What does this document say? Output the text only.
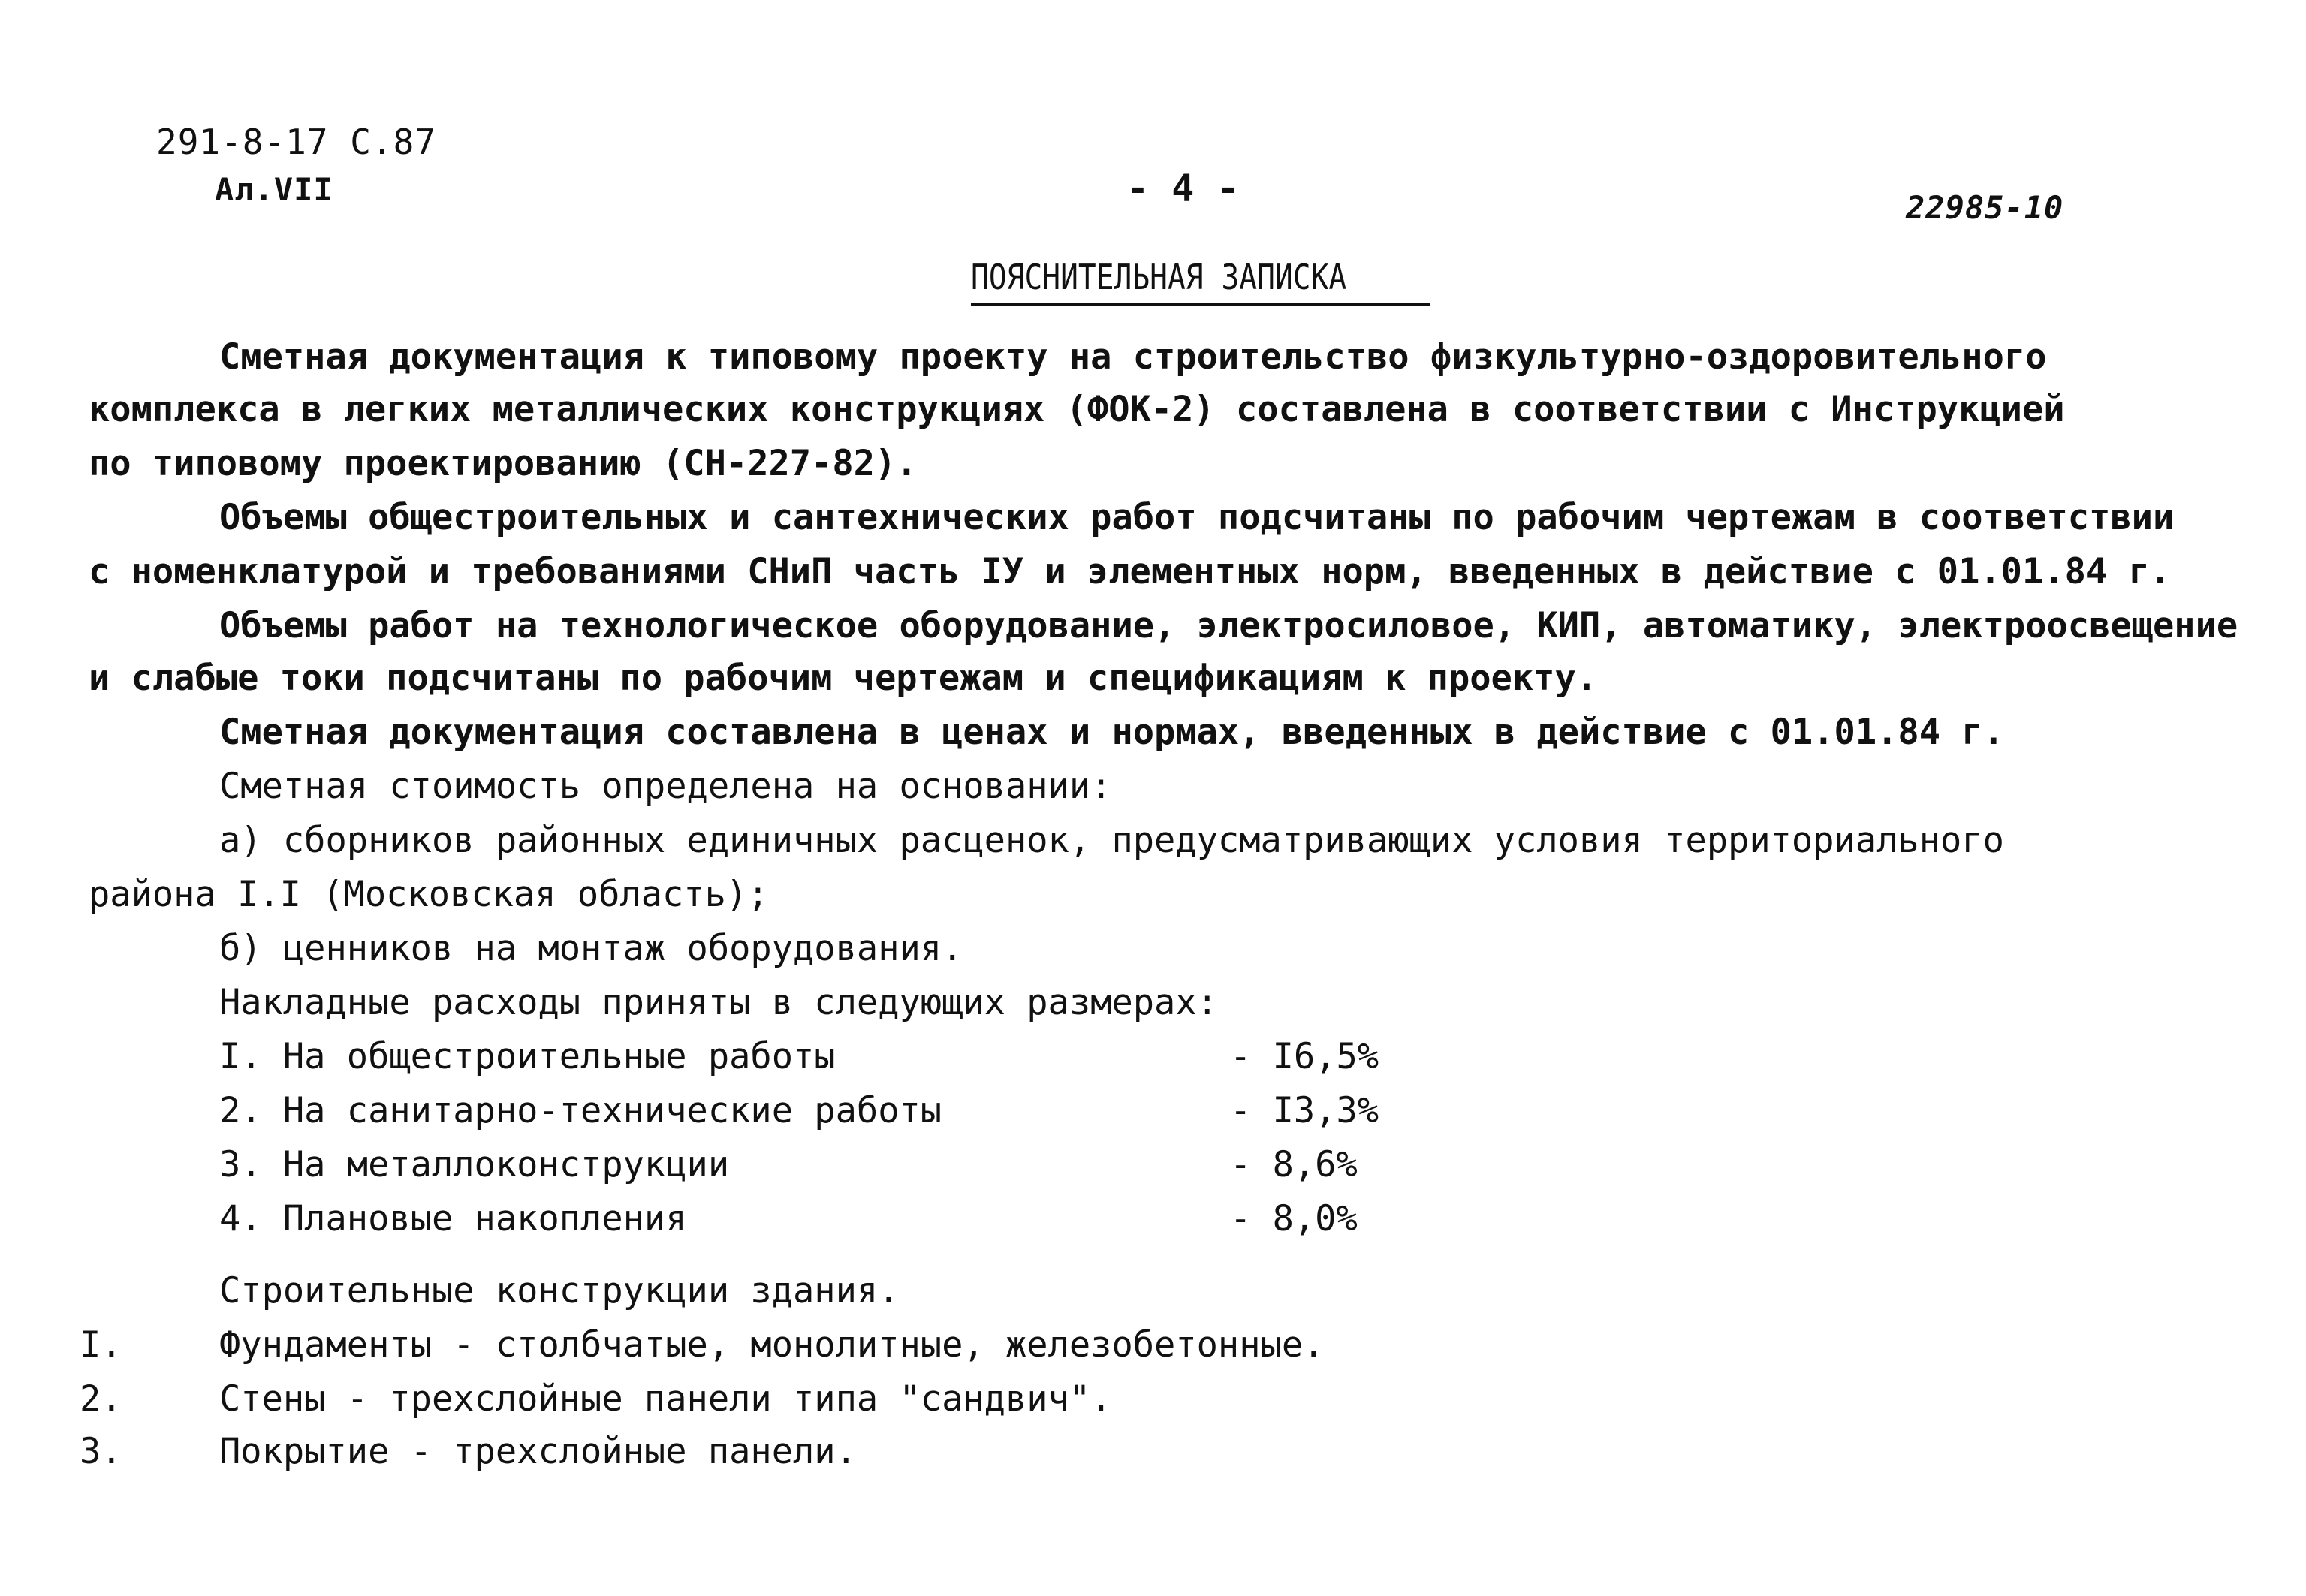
291-8-17 С.87
Ал.VII	- 4 -	22985-10
ПОЯСНИТЕЛЬНАЯ ЗАПИСКА
Сметная документация к типовому проекту на строительство физкультурно-оздоровительного
комплекса в легких металлических конструкциях (ФОК-2) составлена в соответствии с Инструкцией
по типовому проектированию (СН-227-82).
Объемы общестроительных и сантехнических работ подсчитаны по рабочим чертежам в соответствии
с номенклатурой и требованиями СНиП часть IУ и элементных норм, введенных в действие с 01.01.84 г.
Объемы работ на технологическое оборудование, электросиловое, КИП, автоматику, электроосвещение
и слабые токи подсчитаны по рабочим чертежам и спецификациям к проекту.
Сметная документация составлена в ценах и нормах, введенных в действие с 01.01.84 г.
Сметная стоимость определена на основании:
а) сборников районных единичных расценок, предусматривающих условия территориального
района I.I (Московская область);
б) ценников на монтаж оборудования.
Накладные расходы приняты в следующих размерах:
I. На общестроительные работы	- I6,5%
2. На санитарно-технические работы	- I3,3%
3. На металлоконструкции	- 8,6%
4. Плановые накопления	- 8,0%
Строительные конструкции здания.
I.	Фундаменты - столбчатые, монолитные, железобетонные.
2.	Стены - трехслойные панели типа "сандвич".
3.	Покрытие - трехслойные панели.
